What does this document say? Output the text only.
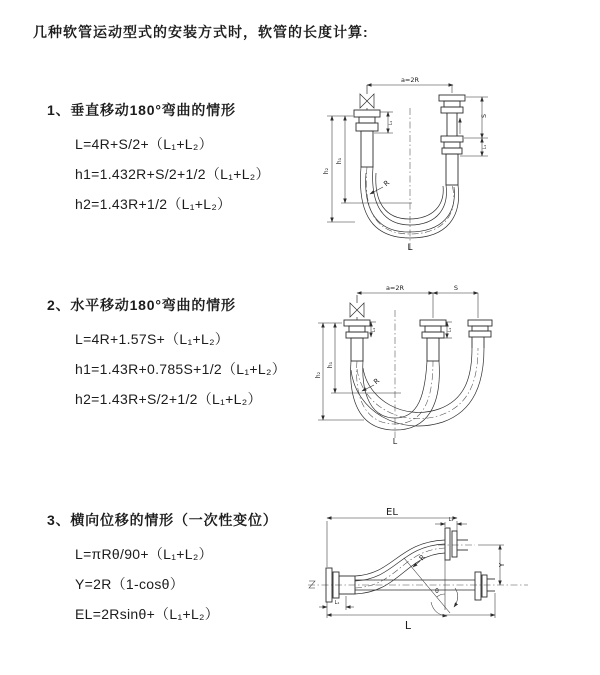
几种软管运动型式的安装方式时，软管的长度计算:

1、垂直移动180°弯曲的情形

L=4R+S/2+（L₁+L₂）
h1=1.432R+S/2+1/2（L₁+L₂）
h2=1.43R+1/2（L₁+L₂）

2、水平移动180°弯曲的情形

L=4R+1.57S+（L₁+L₂）
h1=1.43R+0.785S+1/2（L₁+L₂）
h2=1.43R+S/2+1/2（L₁+L₂）

3、横向位移的情形（一次性变位）

L=πRθ/90+（L₁+L₂）
Y=2R（1-cosθ）
EL=2Rsinθ+（L₁+L₂）
a=2R
h₂
h₁
L₁
S
L₁
R
L
a=2R	S
h₂
h₁
L₁	L₁
R
L
EL
L₁
Y
R
θ
L
L₁
